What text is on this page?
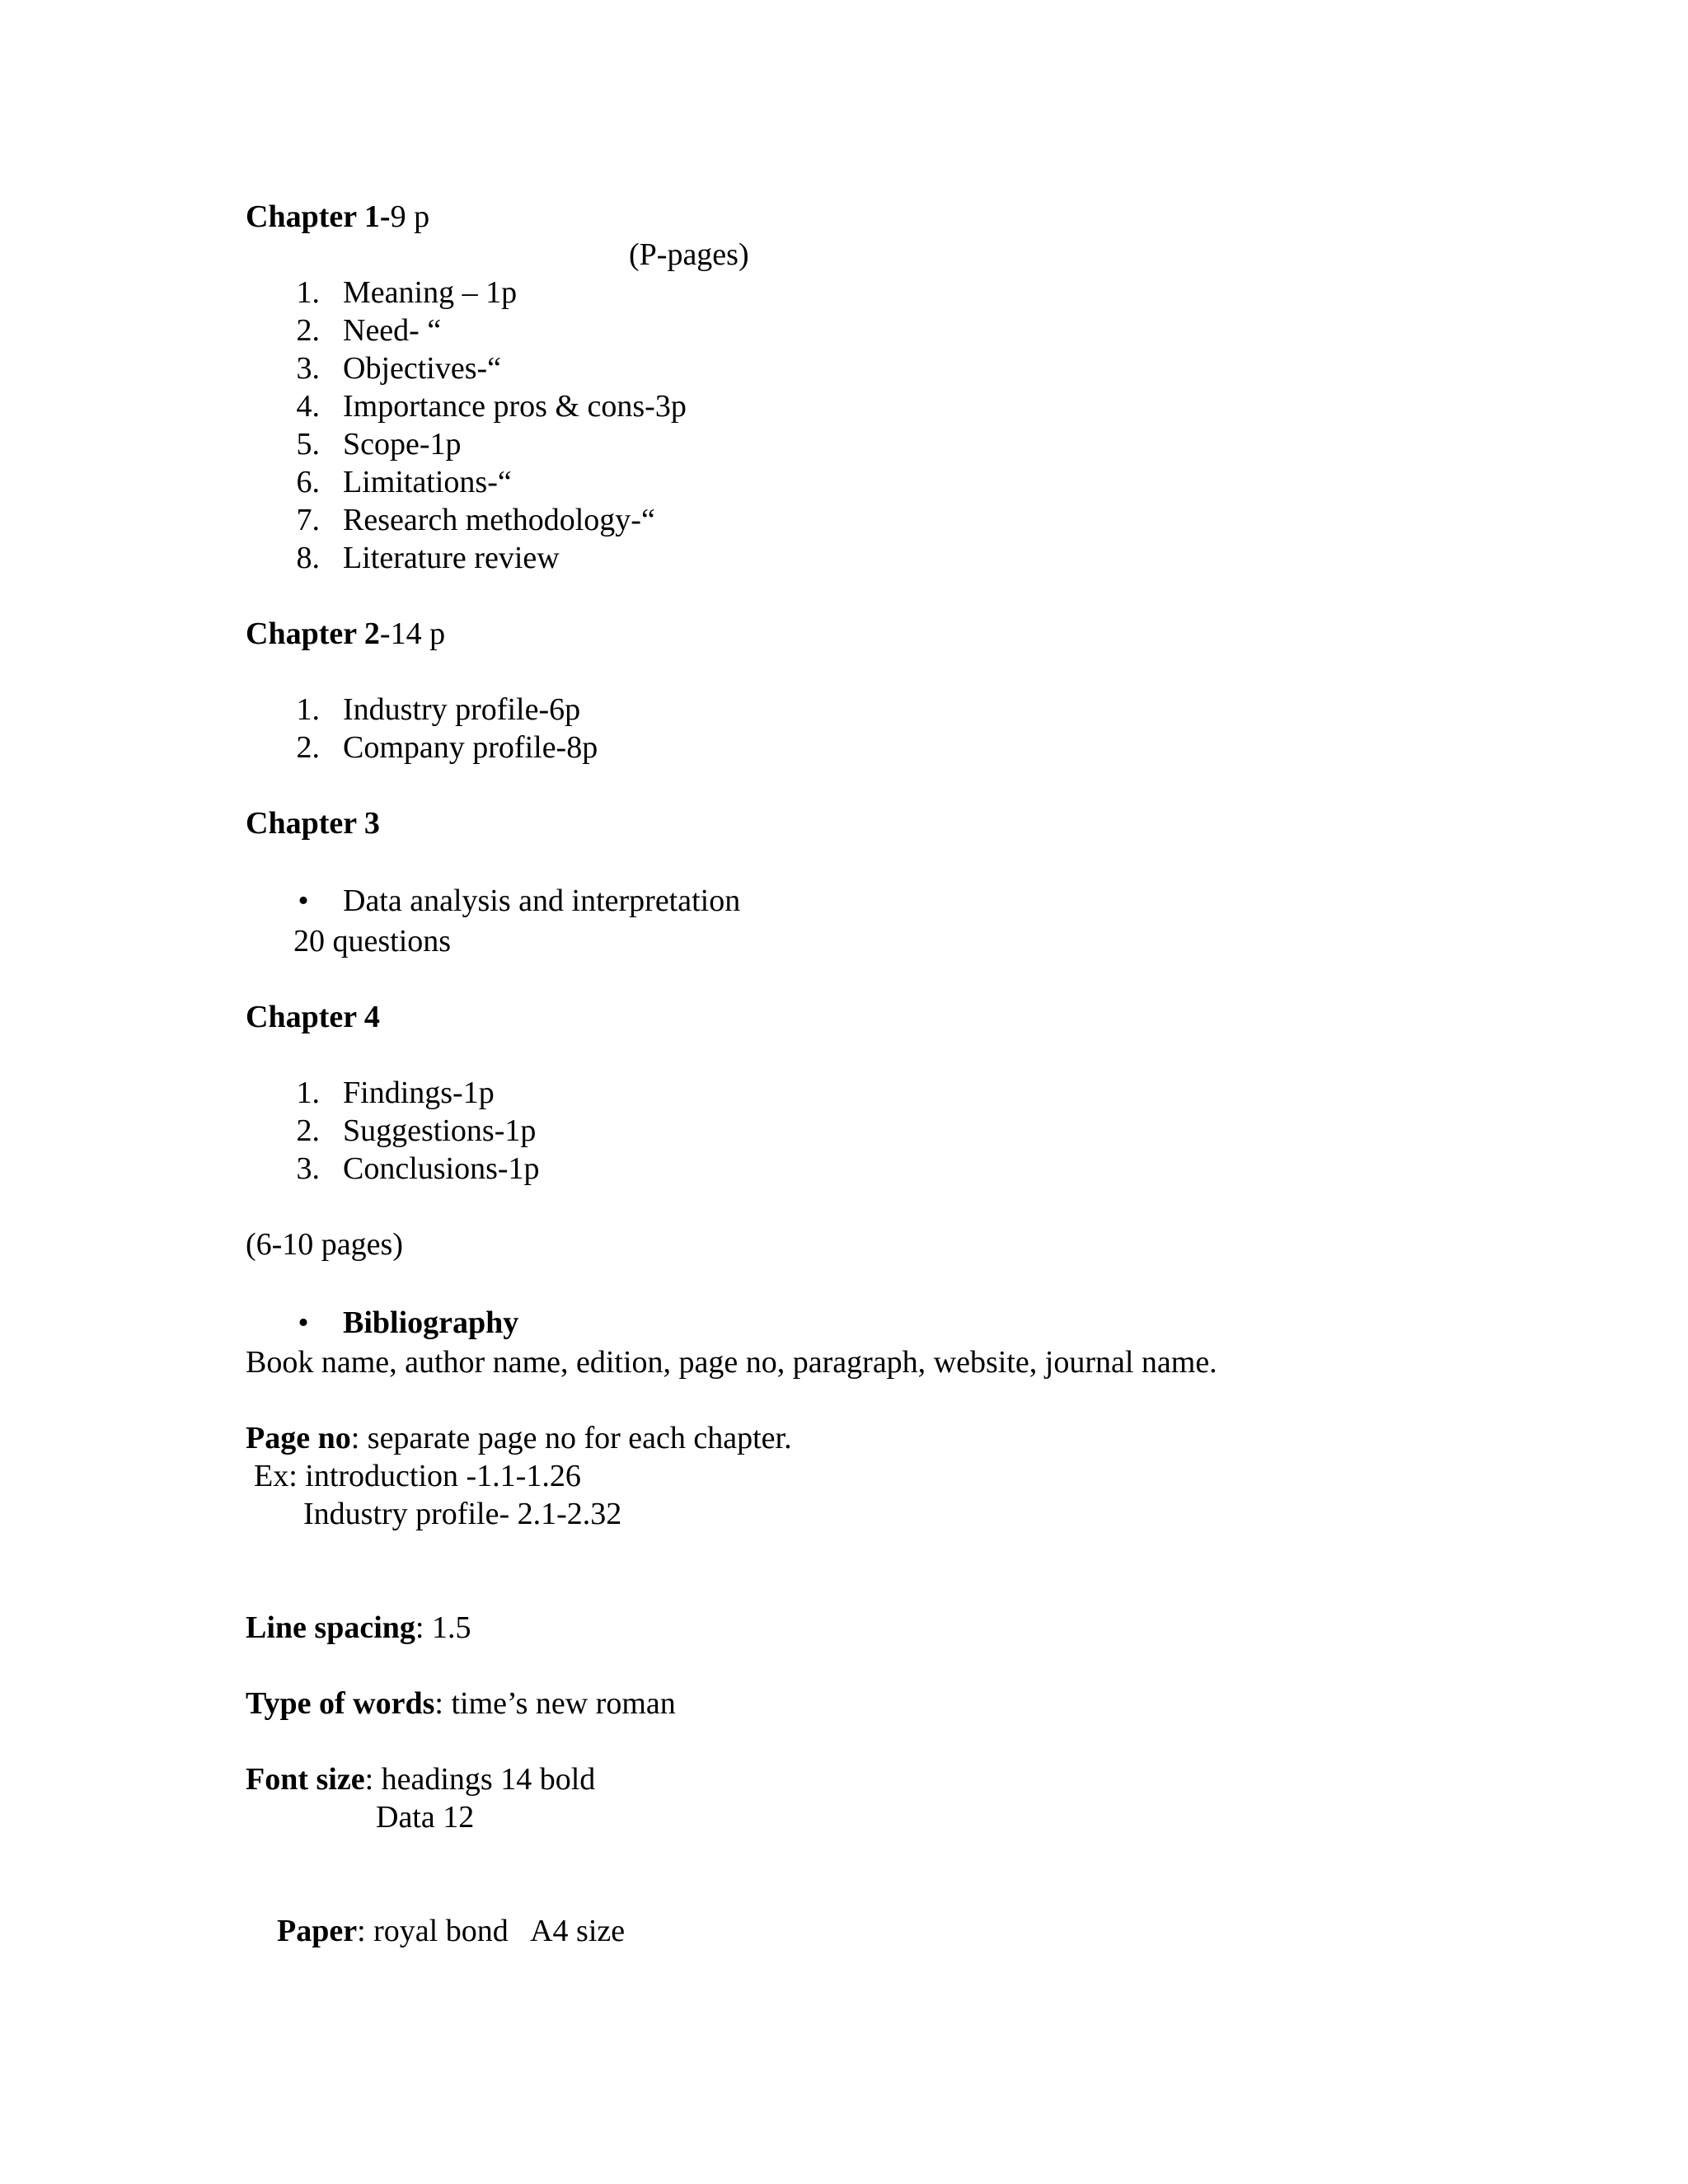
Chapter 1-9 p
(P-pages)
1. Meaning – 1p
2. Need- “
3. Objectives-“
4. Importance pros & cons-3p
5. Scope-1p
6. Limitations-“
7. Research methodology-“
8. Literature review
Chapter 2-14 p
1. Industry profile-6p
2. Company profile-8p
Chapter 3
• Data analysis and interpretation
20 questions
Chapter 4
1. Findings-1p
2. Suggestions-1p
3. Conclusions-1p
(6-10 pages)
• Bibliography
Book name, author name, edition, page no, paragraph, website, journal name.
Page no: separate page no for each chapter.
Ex: introduction -1.1-1.26
Industry profile- 2.1-2.32
Line spacing: 1.5
Type of words: time’s new roman
Font size: headings 14 bold
Data 12

Paper: royal bond   A4 size
